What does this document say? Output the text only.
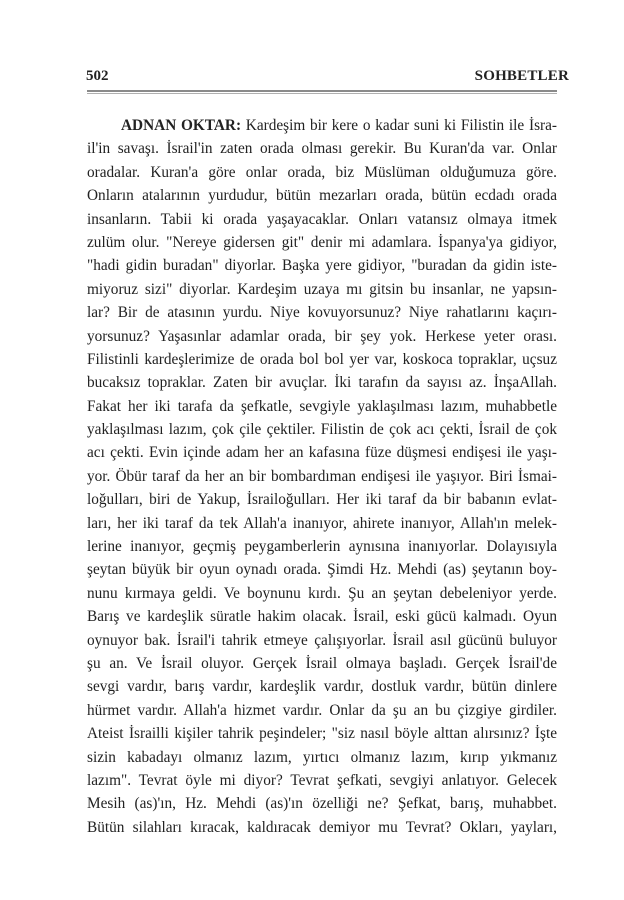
502	SOHBETLER
ADNAN OKTAR: Kardeşim bir kere o kadar suni ki Filistin ile İsra-
il'in savaşı. İsrail'in zaten orada olması gerekir. Bu Kuran'da var. Onlar
oradalar. Kuran'a göre onlar orada, biz Müslüman olduğumuza göre.
Onların atalarının yurdudur, bütün mezarları orada, bütün ecdadı orada
insanların. Tabii ki orada yaşayacaklar. Onları vatansız olmaya itmek
zulüm olur. "Nereye gidersen git" denir mi adamlara. İspanya'ya gidiyor,
"hadi gidin buradan" diyorlar. Başka yere gidiyor, "buradan da gidin iste-
miyoruz sizi" diyorlar. Kardeşim uzaya mı gitsin bu insanlar, ne yapsın-
lar? Bir de atasının yurdu. Niye kovuyorsunuz? Niye rahatlarını kaçırı-
yorsunuz? Yaşasınlar adamlar orada, bir şey yok. Herkese yeter orası.
Filistinli kardeşlerimize de orada bol bol yer var, koskoca topraklar, uçsuz
bucaksız topraklar. Zaten bir avuçlar. İki tarafın da sayısı az. İnşaAllah.
Fakat her iki tarafa da şefkatle, sevgiyle yaklaşılması lazım, muhabbetle
yaklaşılması lazım, çok çile çektiler. Filistin de çok acı çekti, İsrail de çok
acı çekti. Evin içinde adam her an kafasına füze düşmesi endişesi ile yaşı-
yor. Öbür taraf da her an bir bombardıman endişesi ile yaşıyor. Biri İsmai-
loğulları, biri de Yakup, İsrailoğulları. Her iki taraf da bir babanın evlat-
ları, her iki taraf da tek Allah'a inanıyor, ahirete inanıyor, Allah'ın melek-
lerine inanıyor, geçmiş peygamberlerin aynısına inanıyorlar. Dolayısıyla
şeytan büyük bir oyun oynadı orada. Şimdi Hz. Mehdi (as) şeytanın boy-
nunu kırmaya geldi. Ve boynunu kırdı. Şu an şeytan debeleniyor yerde.
Barış ve kardeşlik süratle hakim olacak. İsrail, eski gücü kalmadı. Oyun
oynuyor bak. İsrail'i tahrik etmeye çalışıyorlar. İsrail asıl gücünü buluyor
şu an. Ve İsrail oluyor. Gerçek İsrail olmaya başladı. Gerçek İsrail'de
sevgi vardır, barış vardır, kardeşlik vardır, dostluk vardır, bütün dinlere
hürmet vardır. Allah'a hizmet vardır. Onlar da şu an bu çizgiye girdiler.
Ateist İsrailli kişiler tahrik peşindeler; "siz nasıl böyle alttan alırsınız? İşte
sizin kabadayı olmanız lazım, yırtıcı olmanız lazım, kırıp yıkmanız
lazım". Tevrat öyle mi diyor? Tevrat şefkati, sevgiyi anlatıyor. Gelecek
Mesih (as)'ın, Hz. Mehdi (as)'ın özelliği ne? Şefkat, barış, muhabbet.
Bütün silahları kıracak, kaldıracak demiyor mu Tevrat? Okları, yayları,
